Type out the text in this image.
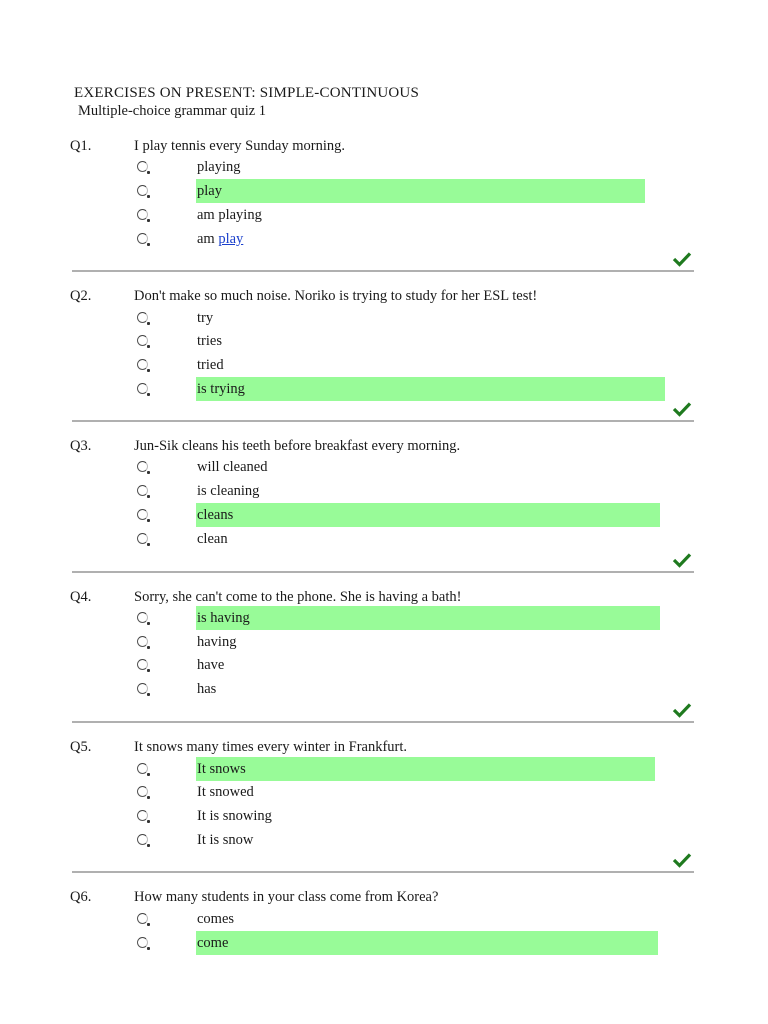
EXERCISES ON PRESENT: SIMPLE-CONTINUOUS
Multiple-choice grammar quiz 1
Q1.	I play tennis every Sunday morning.
playing
play
am playing
am play
Q2.	Don't make so much noise. Noriko is trying to study for her ESL test!
try
tries
tried
is trying
Q3.	Jun-Sik cleans his teeth before breakfast every morning.
will cleaned
is cleaning
cleans
clean
Q4.	Sorry, she can't come to the phone. She is having a bath!
is having
having
have
has
Q5.	It snows many times every winter in Frankfurt.
It snows
It snowed
It is snowing
It is snow
Q6.	How many students in your class come from Korea?
comes
come
